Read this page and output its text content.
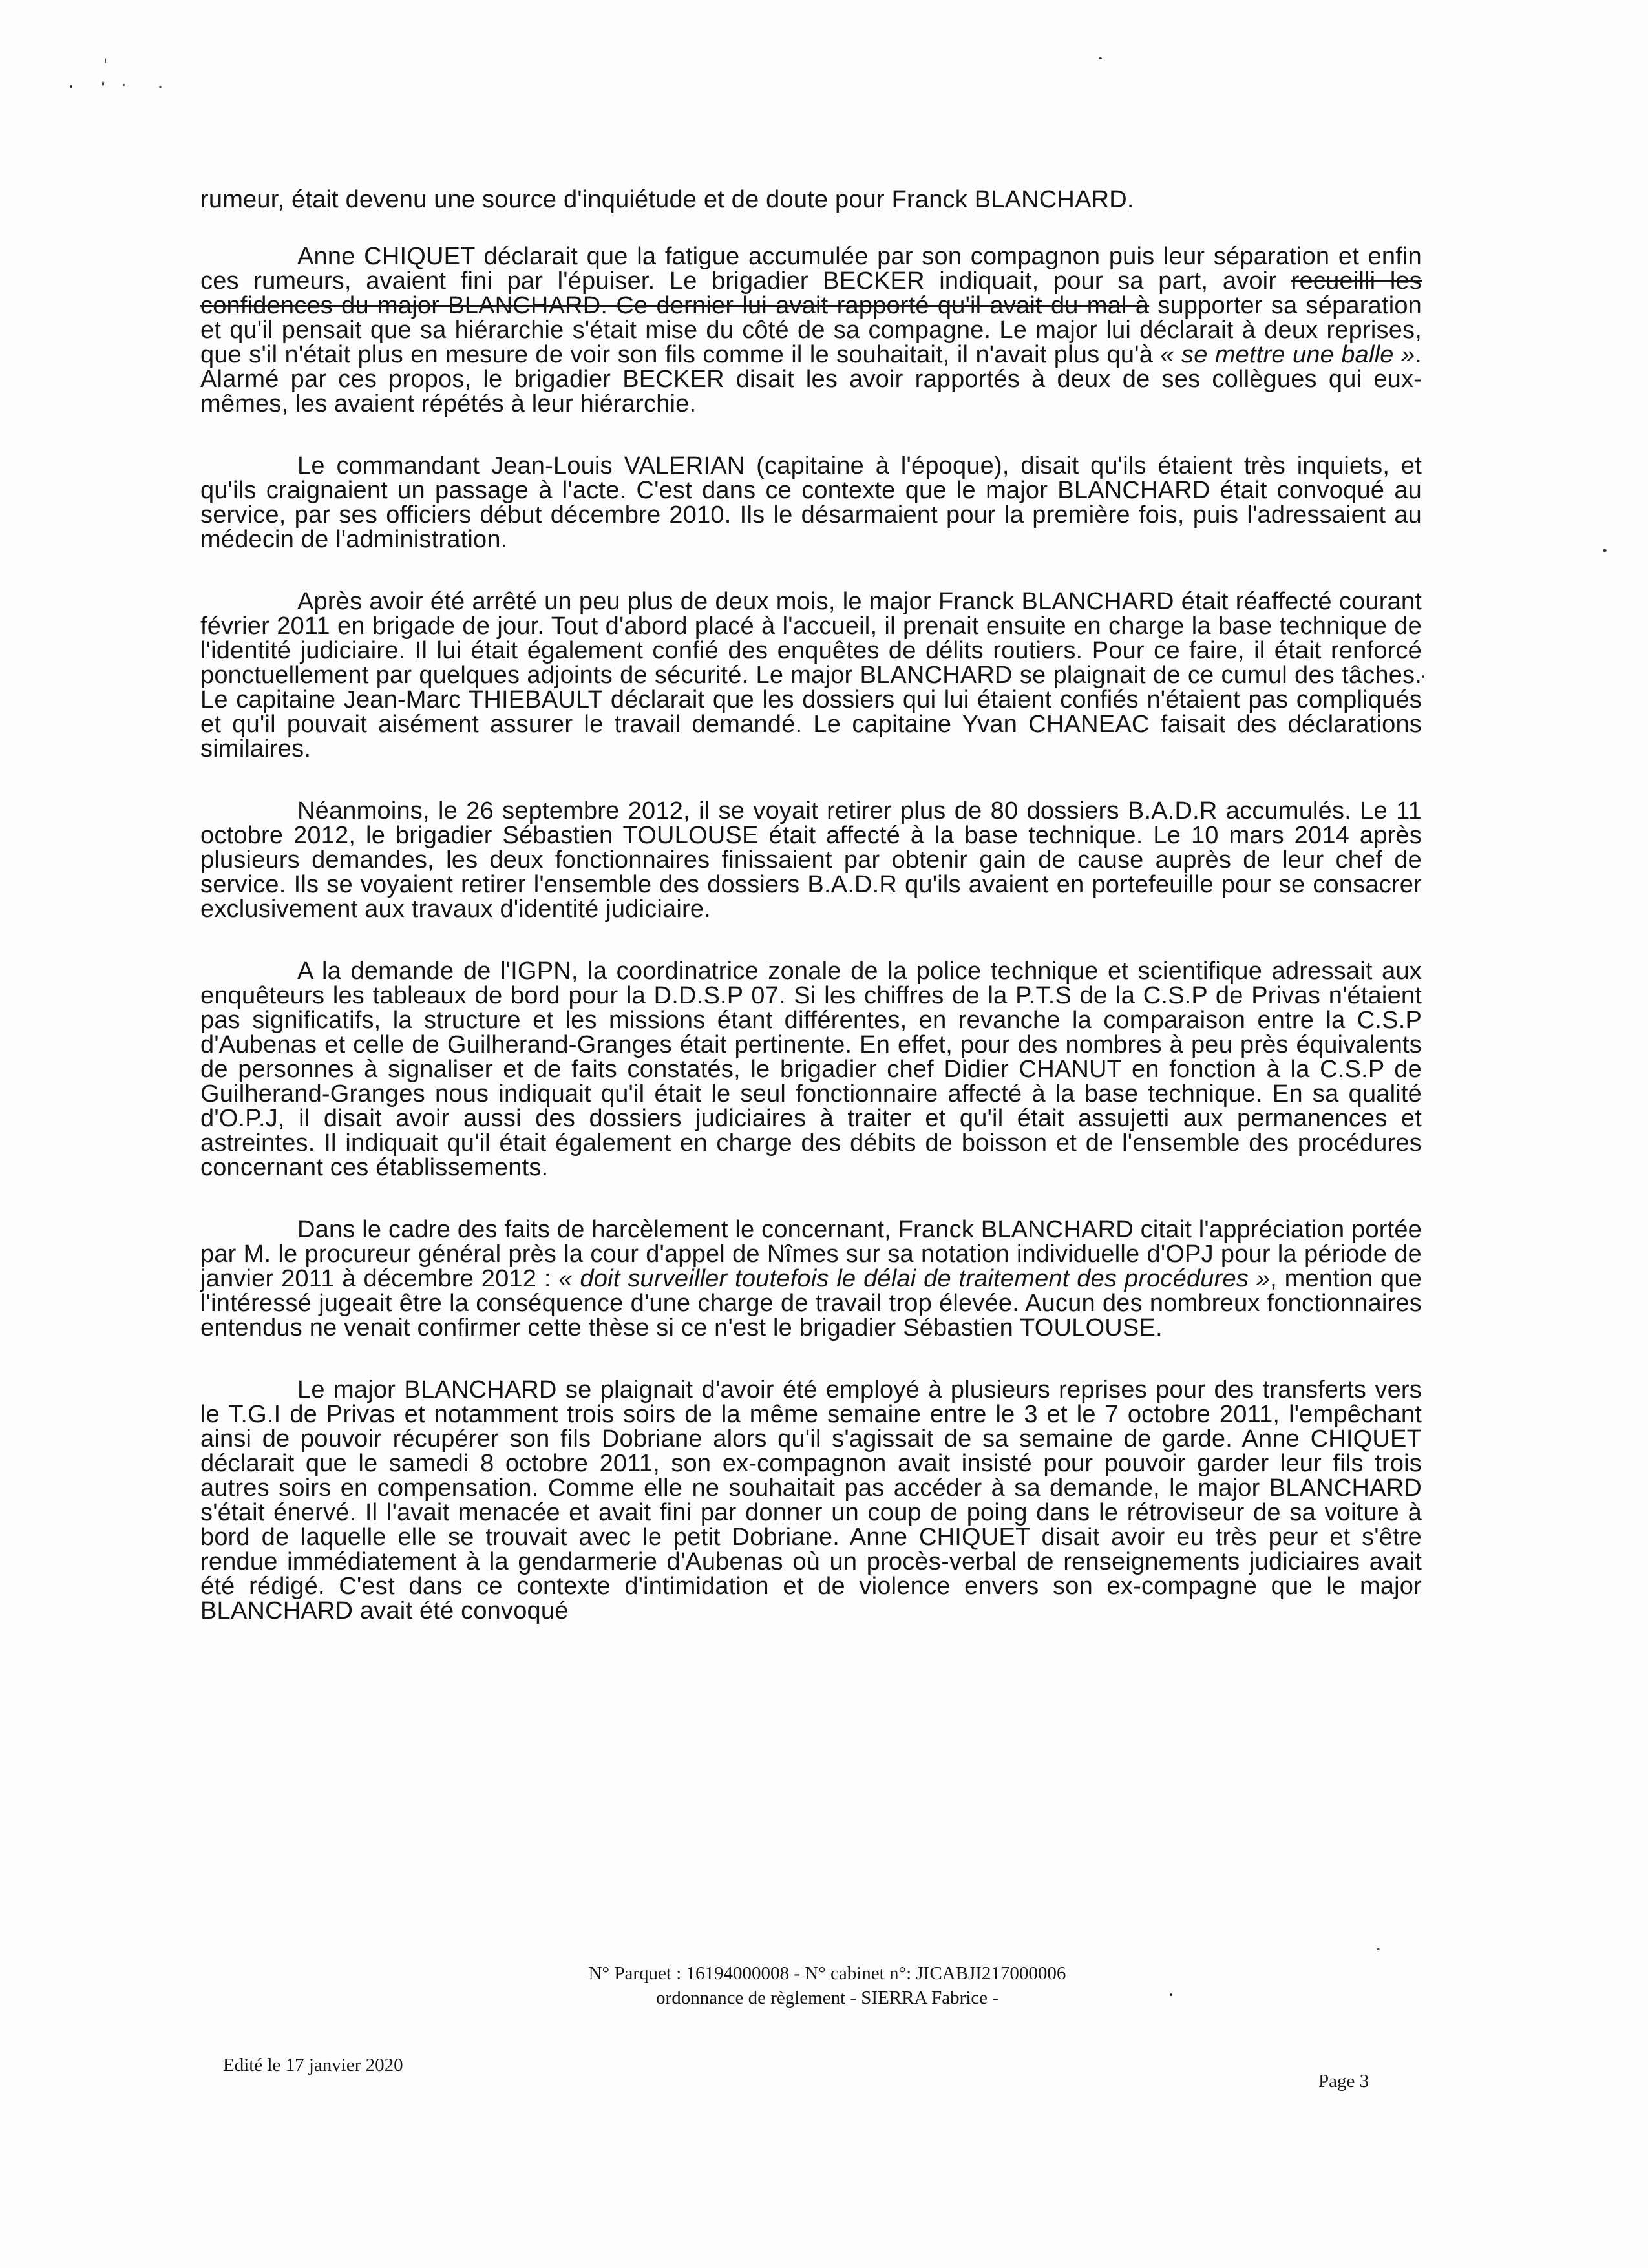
rumeur, était devenu une source d'inquiétude et de doute pour Franck BLANCHARD.

Anne CHIQUET déclarait que la fatigue accumulée par son compagnon puis leur séparation et enfin ces rumeurs, avaient fini par l'épuiser. Le brigadier BECKER indiquait, pour sa part, avoir recueilli les confidences du major BLANCHARD. Ce dernier lui avait rapporté qu'il avait du mal à supporter sa séparation et qu'il pensait que sa hiérarchie s'était mise du côté de sa compagne. Le major lui déclarait à deux reprises, que s'il n'était plus en mesure de voir son fils comme il le souhaitait, il n'avait plus qu'à « se mettre une balle ». Alarmé par ces propos, le brigadier BECKER disait les avoir rapportés à deux de ses collègues qui eux-mêmes, les avaient répétés à leur hiérarchie.

Le commandant Jean-Louis VALERIAN (capitaine à l'époque), disait qu'ils étaient très inquiets, et qu'ils craignaient un passage à l'acte. C'est dans ce contexte que le major BLANCHARD était convoqué au service, par ses officiers début décembre 2010. Ils le désarmaient pour la première fois, puis l'adressaient au médecin de l'administration.

Après avoir été arrêté un peu plus de deux mois, le major Franck BLANCHARD était réaffecté courant février 2011 en brigade de jour. Tout d'abord placé à l'accueil, il prenait ensuite en charge la base technique de l'identité judiciaire. Il lui était également confié des enquêtes de délits routiers. Pour ce faire, il était renforcé ponctuellement par quelques adjoints de sécurité. Le major BLANCHARD se plaignait de ce cumul des tâches. Le capitaine Jean-Marc THIEBAULT déclarait que les dossiers qui lui étaient confiés n'étaient pas compliqués et qu'il pouvait aisément assurer le travail demandé. Le capitaine Yvan CHANEAC faisait des déclarations similaires.

Néanmoins, le 26 septembre 2012, il se voyait retirer plus de 80 dossiers B.A.D.R accumulés. Le 11 octobre 2012, le brigadier Sébastien TOULOUSE était affecté à la base technique. Le 10 mars 2014 après plusieurs demandes, les deux fonctionnaires finissaient par obtenir gain de cause auprès de leur chef de service. Ils se voyaient retirer l'ensemble des dossiers B.A.D.R qu'ils avaient en portefeuille pour se consacrer exclusivement aux travaux d'identité judiciaire.

A la demande de l'IGPN, la coordinatrice zonale de la police technique et scientifique adressait aux enquêteurs les tableaux de bord pour la D.D.S.P 07. Si les chiffres de la P.T.S de la C.S.P de Privas n'étaient pas significatifs, la structure et les missions étant différentes, en revanche la comparaison entre la C.S.P d'Aubenas et celle de Guilherand-Granges était pertinente. En effet, pour des nombres à peu près équivalents de personnes à signaliser et de faits constatés, le brigadier chef Didier CHANUT en fonction à la C.S.P de Guilherand-Granges nous indiquait qu'il était le seul fonctionnaire affecté à la base technique. En sa qualité d'O.P.J, il disait avoir aussi des dossiers judiciaires à traiter et qu'il était assujetti aux permanences et astreintes. Il indiquait qu'il était également en charge des débits de boisson et de l'ensemble des procédures concernant ces établissements.

Dans le cadre des faits de harcèlement le concernant, Franck BLANCHARD citait l'appréciation portée par M. le procureur général près la cour d'appel de Nîmes sur sa notation individuelle d'OPJ pour la période de janvier 2011 à décembre 2012 : « doit surveiller toutefois le délai de traitement des procédures », mention que l'intéressé jugeait être la conséquence d'une charge de travail trop élevée. Aucun des nombreux fonctionnaires entendus ne venait confirmer cette thèse si ce n'est le brigadier Sébastien TOULOUSE.

Le major BLANCHARD se plaignait d'avoir été employé à plusieurs reprises pour des transferts vers le T.G.I de Privas et notamment trois soirs de la même semaine entre le 3 et le 7 octobre 2011, l'empêchant ainsi de pouvoir récupérer son fils Dobriane alors qu'il s'agissait de sa semaine de garde. Anne CHIQUET déclarait que le samedi 8 octobre 2011, son ex-compagnon avait insisté pour pouvoir garder leur fils trois autres soirs en compensation. Comme elle ne souhaitait pas accéder à sa demande, le major BLANCHARD s'était énervé. Il l'avait menacée et avait fini par donner un coup de poing dans le rétroviseur de sa voiture à bord de laquelle elle se trouvait avec le petit Dobriane. Anne CHIQUET disait avoir eu très peur et s'être rendue immédiatement à la gendarmerie d'Aubenas où un procès-verbal de renseignements judiciaires avait été rédigé. C'est dans ce contexte d'intimidation et de violence envers son ex-compagne que le major BLANCHARD avait été convoqué

N° Parquet : 16194000008 - N° cabinet n°: JICABJI217000006
ordonnance de règlement - SIERRA Fabrice -
Edité le 17 janvier 2020
Page 3
